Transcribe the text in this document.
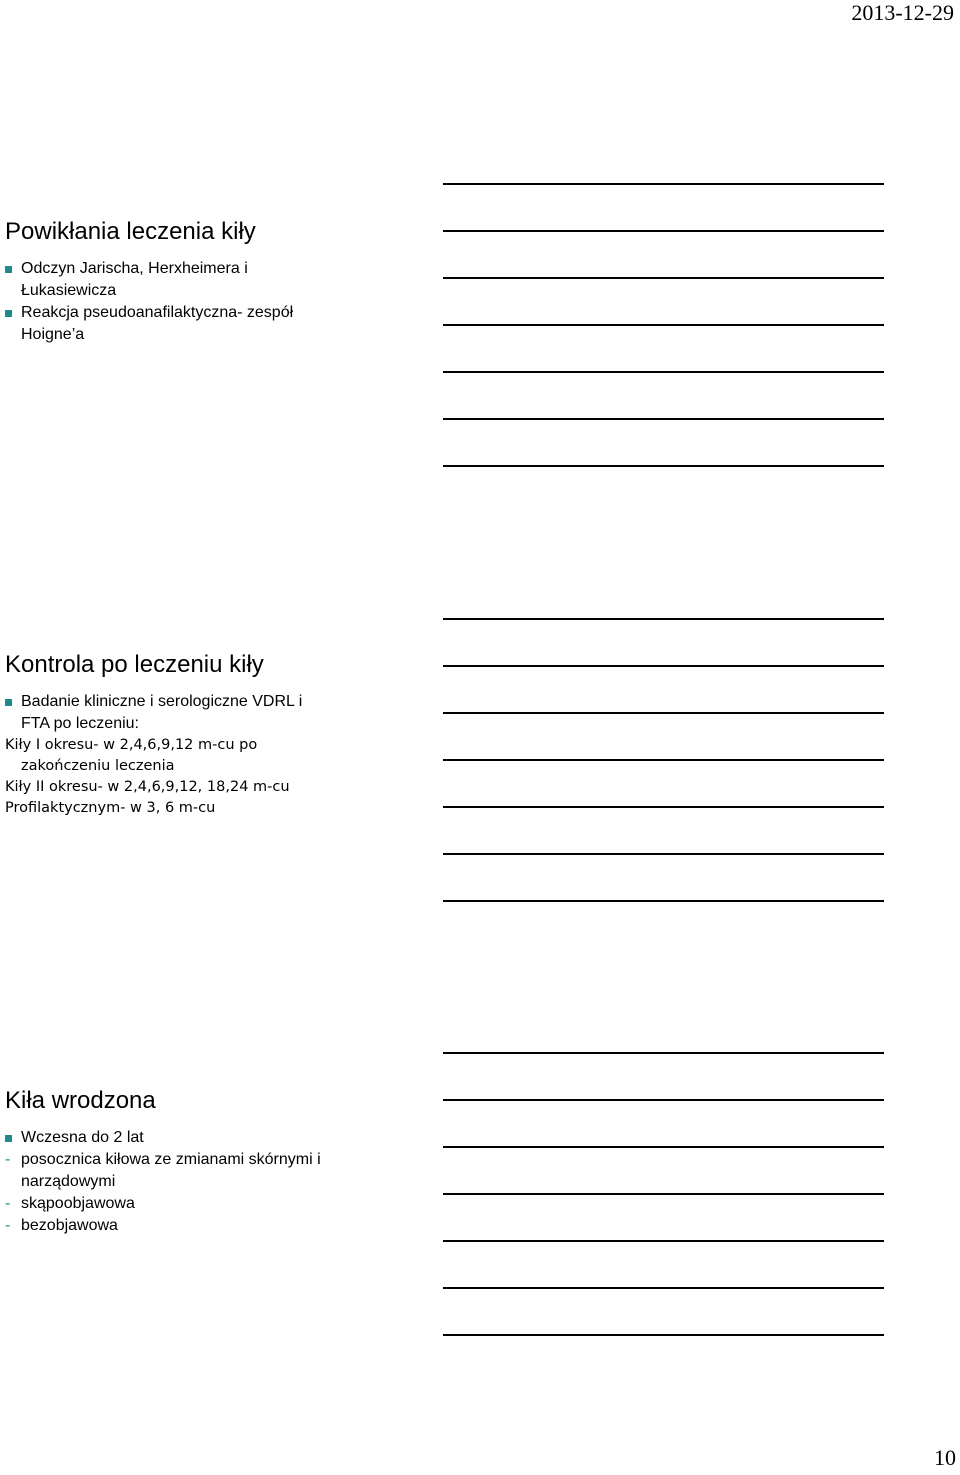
2013-12-29
Powikłania leczenia kiły
Odczyn Jarischa, Herxheimera i Łukasiewicza
Reakcja pseudoanafilaktyczna- zespół Hoigne’a
Kontrola po leczeniu kiły
Badanie kliniczne i serologiczne VDRL i FTA po leczeniu:
Kiły I okresu- w 2,4,6,9,12 m-cu po
zakończeniu leczenia
Kiły II okresu- w 2,4,6,9,12, 18,24 m-cu
Profilaktycznym- w 3, 6 m-cu
Kiła wrodzona
Wczesna do 2 lat
- posocznica kiłowa ze zmianami skórnymi i narządowymi
- skąpoobjawowa
- bezobjawowa
10
